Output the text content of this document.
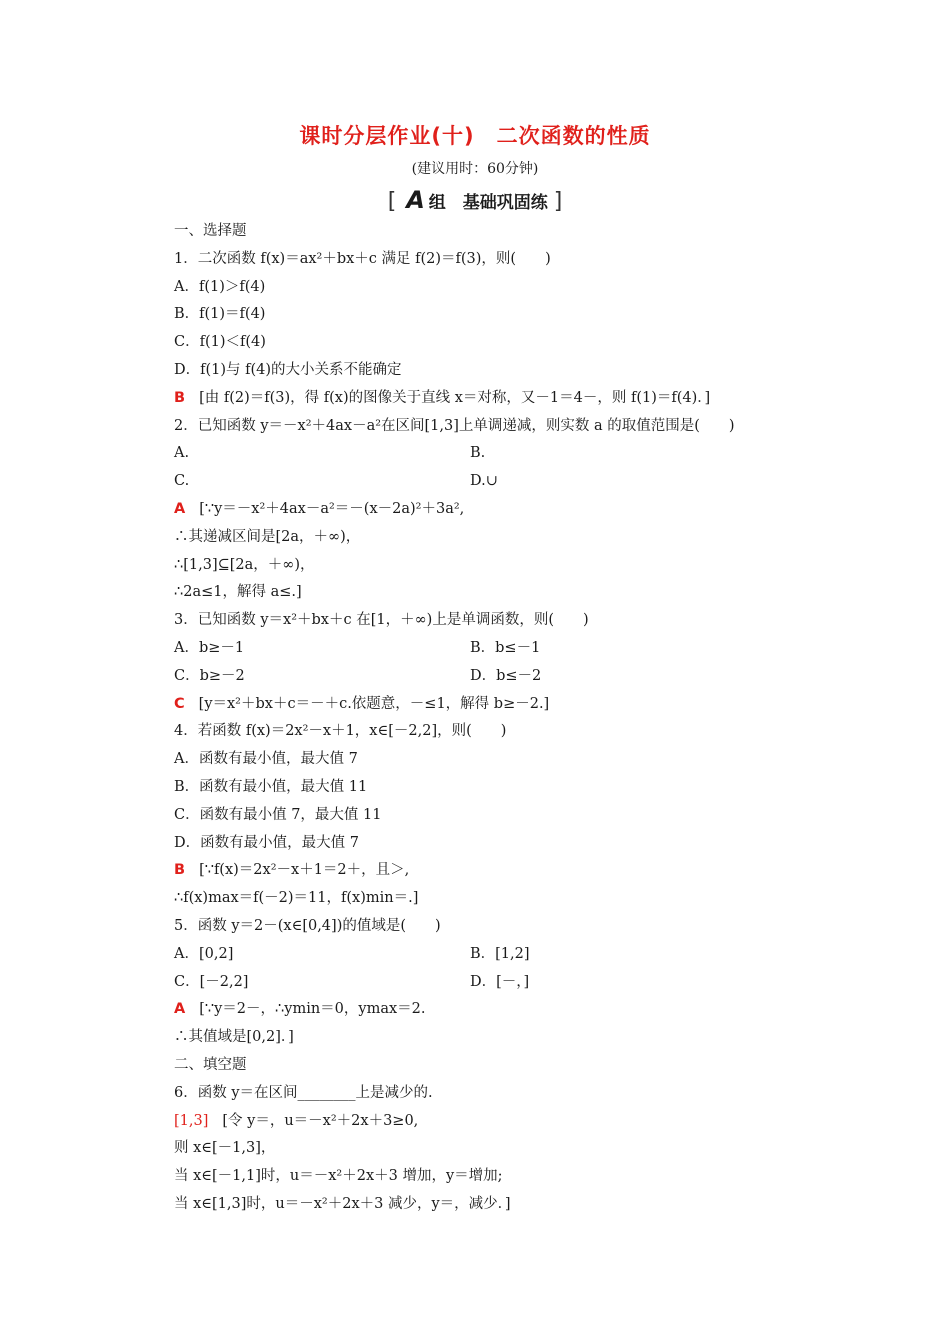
课时分层作业(十)　二次函数的性质
(建议用时：60分钟)
[ A 组　基础巩固练 ]
一、选择题
1．二次函数 f(x)＝ax²＋bx＋c 满足 f(2)＝f(3)，则(　　)
A．f(1)＞f(4)
B．f(1)＝f(4)
C．f(1)＜f(4)
D．f(1)与 f(4)的大小关系不能确定
B [由 f(2)＝f(3)，得 f(x)的图像关于直线 x＝对称，又－1＝4－，则 f(1)＝f(4)．]
2．已知函数 y＝－x²＋4ax－a²在区间[1,3]上单调递减，则实数 a 的取值范围是(　　)
A.	B.
C.	D.∪
A [∵y＝－x²＋4ax－a²＝－(x－2a)²＋3a²,
∴其递减区间是[2a，＋∞)，
∴[1,3]⊆[2a，＋∞)，
∴2a≤1，解得 a≤.]
3．已知函数 y＝x²＋bx＋c 在[1，＋∞)上是单调函数，则(　　)
A．b≥－1	B．b≤－1
C．b≥－2	D．b≤－2
C [y＝x²＋bx＋c＝－＋c.依题意，－≤1，解得 b≥－2.]
4．若函数 f(x)＝2x²－x＋1，x∈[－2,2]，则(　　)
A．函数有最小值，最大值 7
B．函数有最小值，最大值 11
C．函数有最小值 7，最大值 11
D．函数有最小值，最大值 7
B [∵f(x)＝2x²－x＋1＝2＋，且＞,
∴f(x)max＝f(－2)＝11，f(x)min＝.]
5．函数 y＝2－(x∈[0,4])的值域是(　　)
A．[0,2]	B．[1,2]
C．[－2,2]	D．[－，]
A [∵y＝2－，∴ymin＝0，ymax＝2.
∴其值域是[0,2]．]
二、填空题
6．函数 y＝在区间________上是减少的.
[1,3] [令 y＝，u＝－x²＋2x＋3≥0,
则 x∈[－1,3]，
当 x∈[－1,1]时，u＝－x²＋2x＋3 增加，y＝增加;
当 x∈[1,3]时，u＝－x²＋2x＋3 减少，y＝，减少．]
